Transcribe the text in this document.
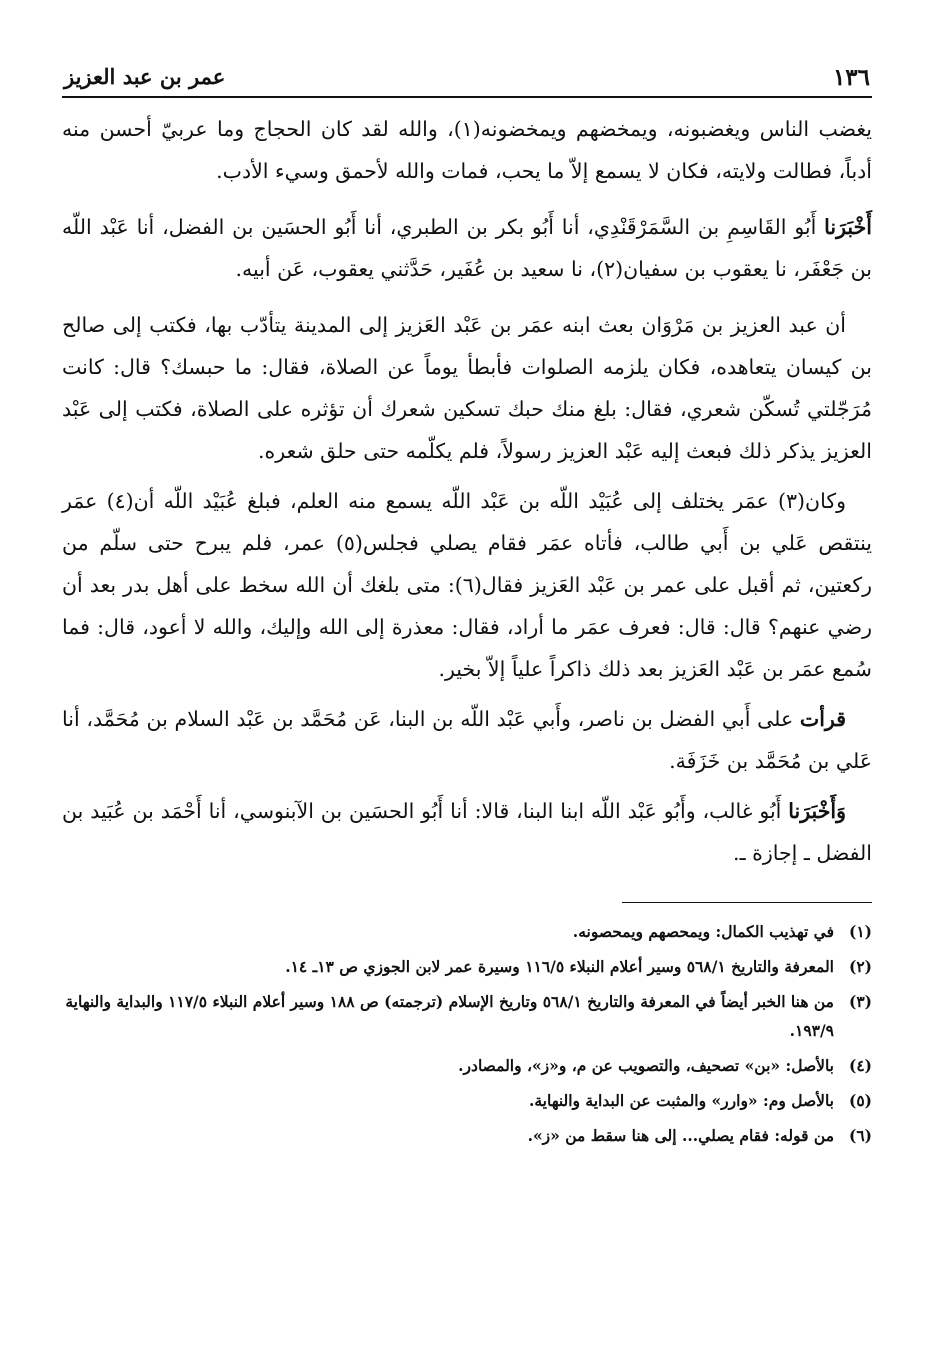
١٣٦
عمر بن عبد العزيز

يغضب الناس ويغضبونه، ويمخضهم ويمخضونه(١)، والله لقد كان الحجاج وما عربيّ أحسن منه أدباً، فطالت ولايته، فكان لا يسمع إلاّ ما يحب، فمات والله لأحمق وسيء الأدب.

أَخْبَرَنا أَبُو القَاسِمِ بن السَّمَرْقَنْدِي، أنا أَبُو بكر بن الطبري، أنا أَبُو الحسَين بن الفضل، أنا عَبْد اللّه بن جَعْفَر، نا يعقوب بن سفيان(٢)، نا سعيد بن عُفَير، حَدَّثني يعقوب، عَن أبيه.

أن عبد العزيز بن مَرْوَان بعث ابنه عمَر بن عَبْد العَزيز إلى المدينة يتأدّب بها، فكتب إلى صالح بن كيسان يتعاهده، فكان يلزمه الصلوات فأبطأ يوماً عن الصلاة، فقال: ما حبسك؟ قال: كانت مُرَجّلتي تُسكّن شعري، فقال: بلغ منك حبك تسكين شعرك أن تؤثره على الصلاة، فكتب إلى عَبْد العزيز يذكر ذلك فبعث إليه عَبْد العزيز رسولاً، فلم يكلّمه حتى حلق شعره.

وكان(٣) عمَر يختلف إلى عُبَيْد اللّه بن عَبْد اللّه يسمع منه العلم، فبلغ عُبَيْد اللّه أن(٤) عمَر ينتقص عَلي بن أَبي طالب، فأتاه عمَر فقام يصلي فجلس(٥) عمر، فلم يبرح حتى سلّم من ركعتين، ثم أقبل على عمر بن عَبْد العَزيز فقال(٦): متى بلغك أن الله سخط على أهل بدر بعد أن رضي عنهم؟ قال: قال: فعرف عمَر ما أراد، فقال: معذرة إلى الله وإليك، والله لا أعود، قال: فما سُمع عمَر بن عَبْد العَزيز بعد ذلك ذاكراً علياً إلاّ بخير.

قرأت على أَبي الفضل بن ناصر، وأَبي عَبْد اللّه بن البنا، عَن مُحَمَّد بن عَبْد السلام بن مُحَمَّد، أنا عَلي بن مُحَمَّد بن خَزَفَة.

وَأَخْبَرَنا أَبُو غالب، وأَبُو عَبْد اللّه ابنا البنا، قالا: أنا أَبُو الحسَين بن الآبنوسي، أنا أَحْمَد بن عُبَيد بن الفضل ـ إجازة ـ.

(١)
في تهذيب الكمال: ويمحصهم ويمحصونه.
(٢)
المعرفة والتاريخ ٥٦٨/١ وسير أعلام النبلاء ١١٦/٥ وسيرة عمر لابن الجوزي ص ١٣ـ ١٤.
(٣)
من هنا الخبر أيضاً في المعرفة والتاريخ ٥٦٨/١ وتاريخ الإسلام (ترجمته) ص ١٨٨ وسير أعلام النبلاء ١١٧/٥ والبداية والنهاية ١٩٣/٩.
(٤)
بالأصل: «بن» تصحيف، والتصويب عن م، و«ز»، والمصادر.
(٥)
بالأصل وم: «وارر» والمثبت عن البداية والنهاية.
(٦)
من قوله: فقام يصلي... إلى هنا سقط من «ز».
